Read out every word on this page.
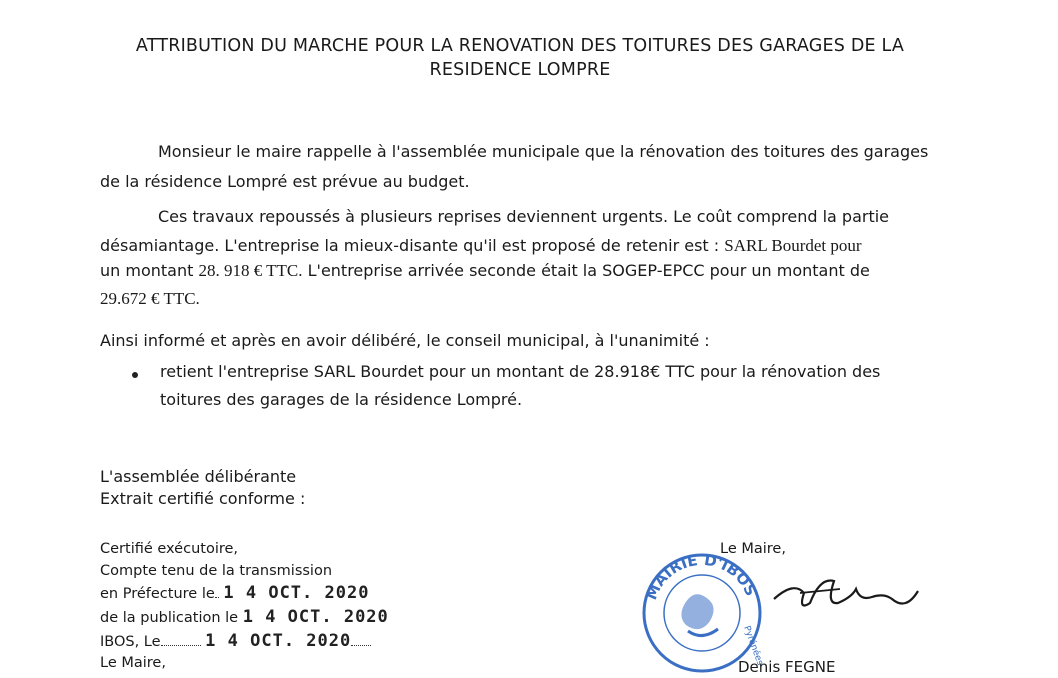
ATTRIBUTION DU MARCHE POUR LA RENOVATION DES TOITURES DES GARAGES DE LA
RESIDENCE LOMPRE
Monsieur le maire rappelle à l'assemblée municipale que la rénovation des toitures des garages
de la résidence Lompré est prévue au budget.
Ces travaux repoussés à plusieurs reprises deviennent urgents. Le coût comprend la partie
désamiantage. L'entreprise la mieux-disante qu'il est proposé de retenir est : SARL Bourdet pour
un montant 28. 918 € TTC. L'entreprise arrivée seconde était la SOGEP-EPCC pour un montant de
29.672 € TTC.
Ainsi informé et après en avoir délibéré, le conseil municipal, à l'unanimité :
retient l'entreprise SARL Bourdet pour un montant de 28.918€ TTC pour la rénovation des
toitures des garages de la résidence Lompré.
L'assemblée délibérante
Extrait certifié conforme :
Certifié exécutoire,
Compte tenu de la transmission
en Préfecture le 1 4 OCT. 2020
de la publication le 1 4 OCT. 2020
IBOS, Le	1 4 OCT. 2020
Le Maire,
Le Maire,
MAIRIE D'IBOS
Pyrénées
Denis FEGNE
